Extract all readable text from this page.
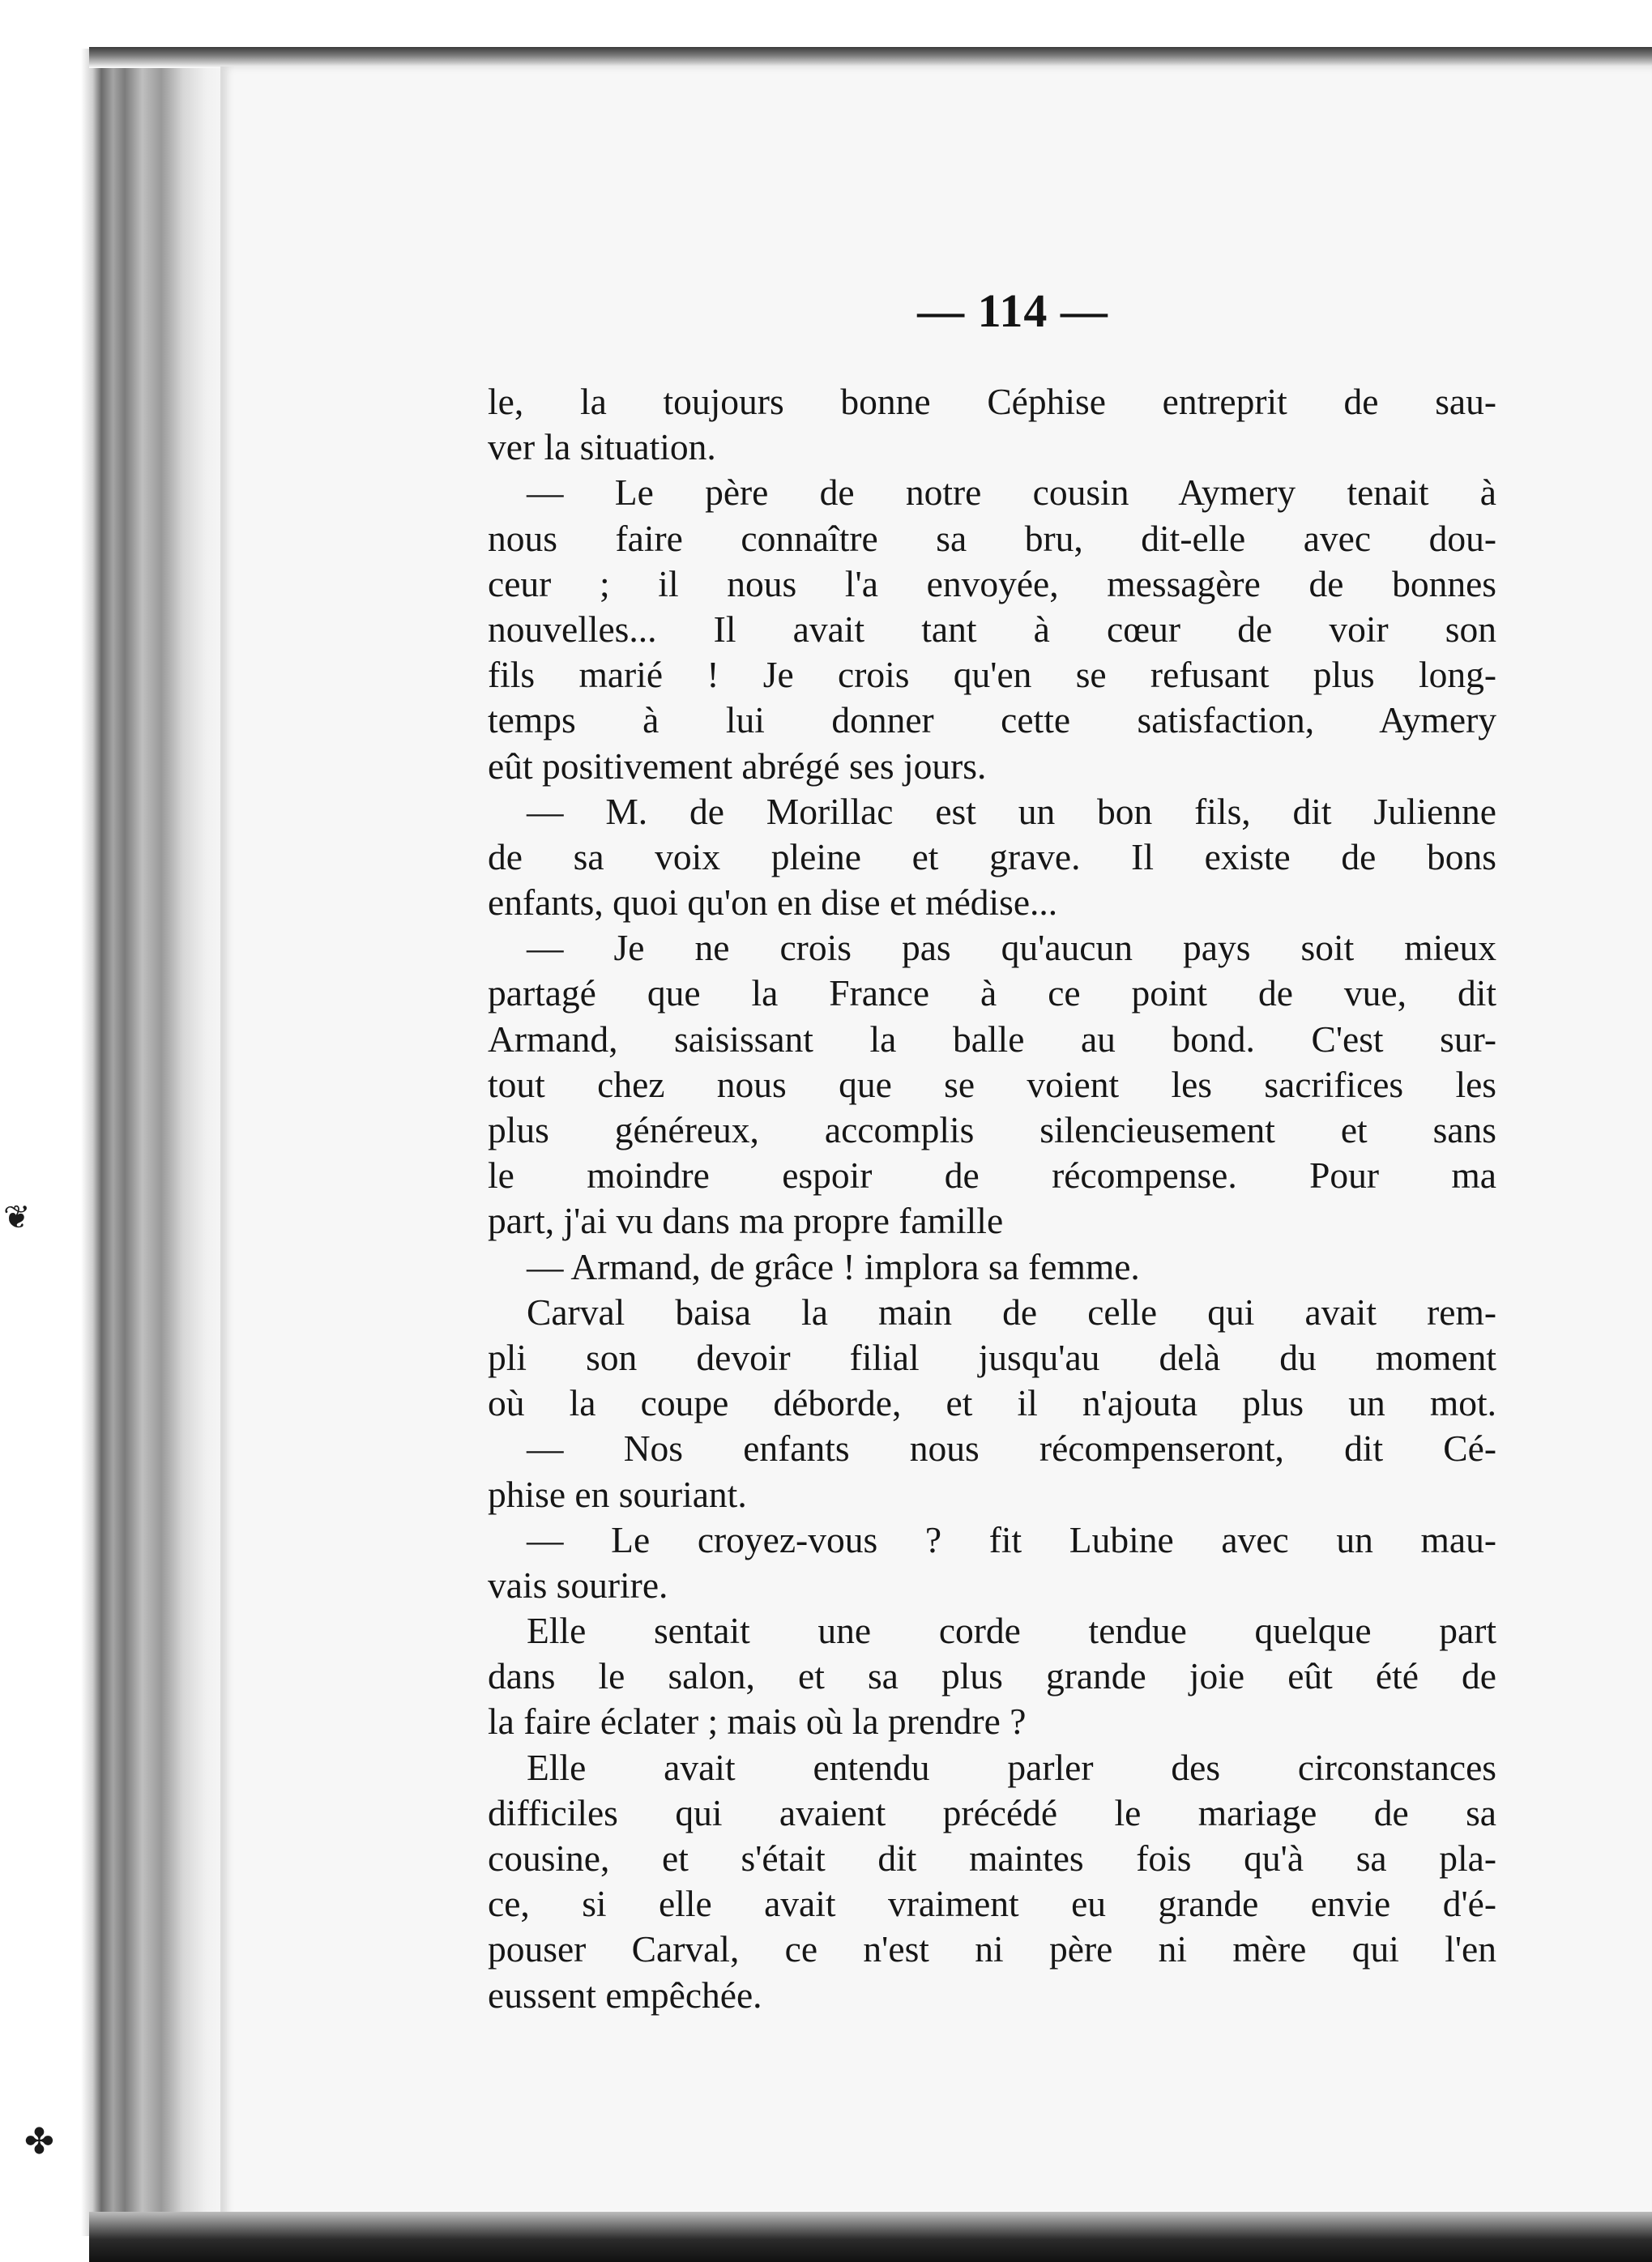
❦
✤
— 114 —
le, la toujours bonne Céphise entreprit de sau-
ver la situation.
— Le père de notre cousin Aymery tenait à
nous faire connaître sa bru, dit-elle avec dou-
ceur ; il nous l'a envoyée, messagère de bonnes
nouvelles... Il avait tant à cœur de voir son
fils marié ! Je crois qu'en se refusant plus long-
temps à lui donner cette satisfaction, Aymery
eût positivement abrégé ses jours.
— M. de Morillac est un bon fils, dit Julienne
de sa voix pleine et grave. Il existe de bons
enfants, quoi qu'on en dise et médise...
— Je ne crois pas qu'aucun pays soit mieux
partagé que la France à ce point de vue, dit
Armand, saisissant la balle au bond. C'est sur-
tout chez nous que se voient les sacrifices les
plus généreux, accomplis silencieusement et sans
le moindre espoir de récompense. Pour ma
part, j'ai vu dans ma propre famille
— Armand, de grâce ! implora sa femme.
Carval baisa la main de celle qui avait rem-
pli son devoir filial jusqu'au delà du moment
où la coupe déborde, et il n'ajouta plus un mot.
— Nos enfants nous récompenseront, dit Cé-
phise en souriant.
— Le croyez-vous ? fit Lubine avec un mau-
vais sourire.
Elle sentait une corde tendue quelque part
dans le salon, et sa plus grande joie eût été de
la faire éclater ; mais où la prendre ?
Elle avait entendu parler des circonstances
difficiles qui avaient précédé le mariage de sa
cousine, et s'était dit maintes fois qu'à sa pla-
ce, si elle avait vraiment eu grande envie d'é-
pouser Carval, ce n'est ni père ni mère qui l'en
eussent empêchée.
